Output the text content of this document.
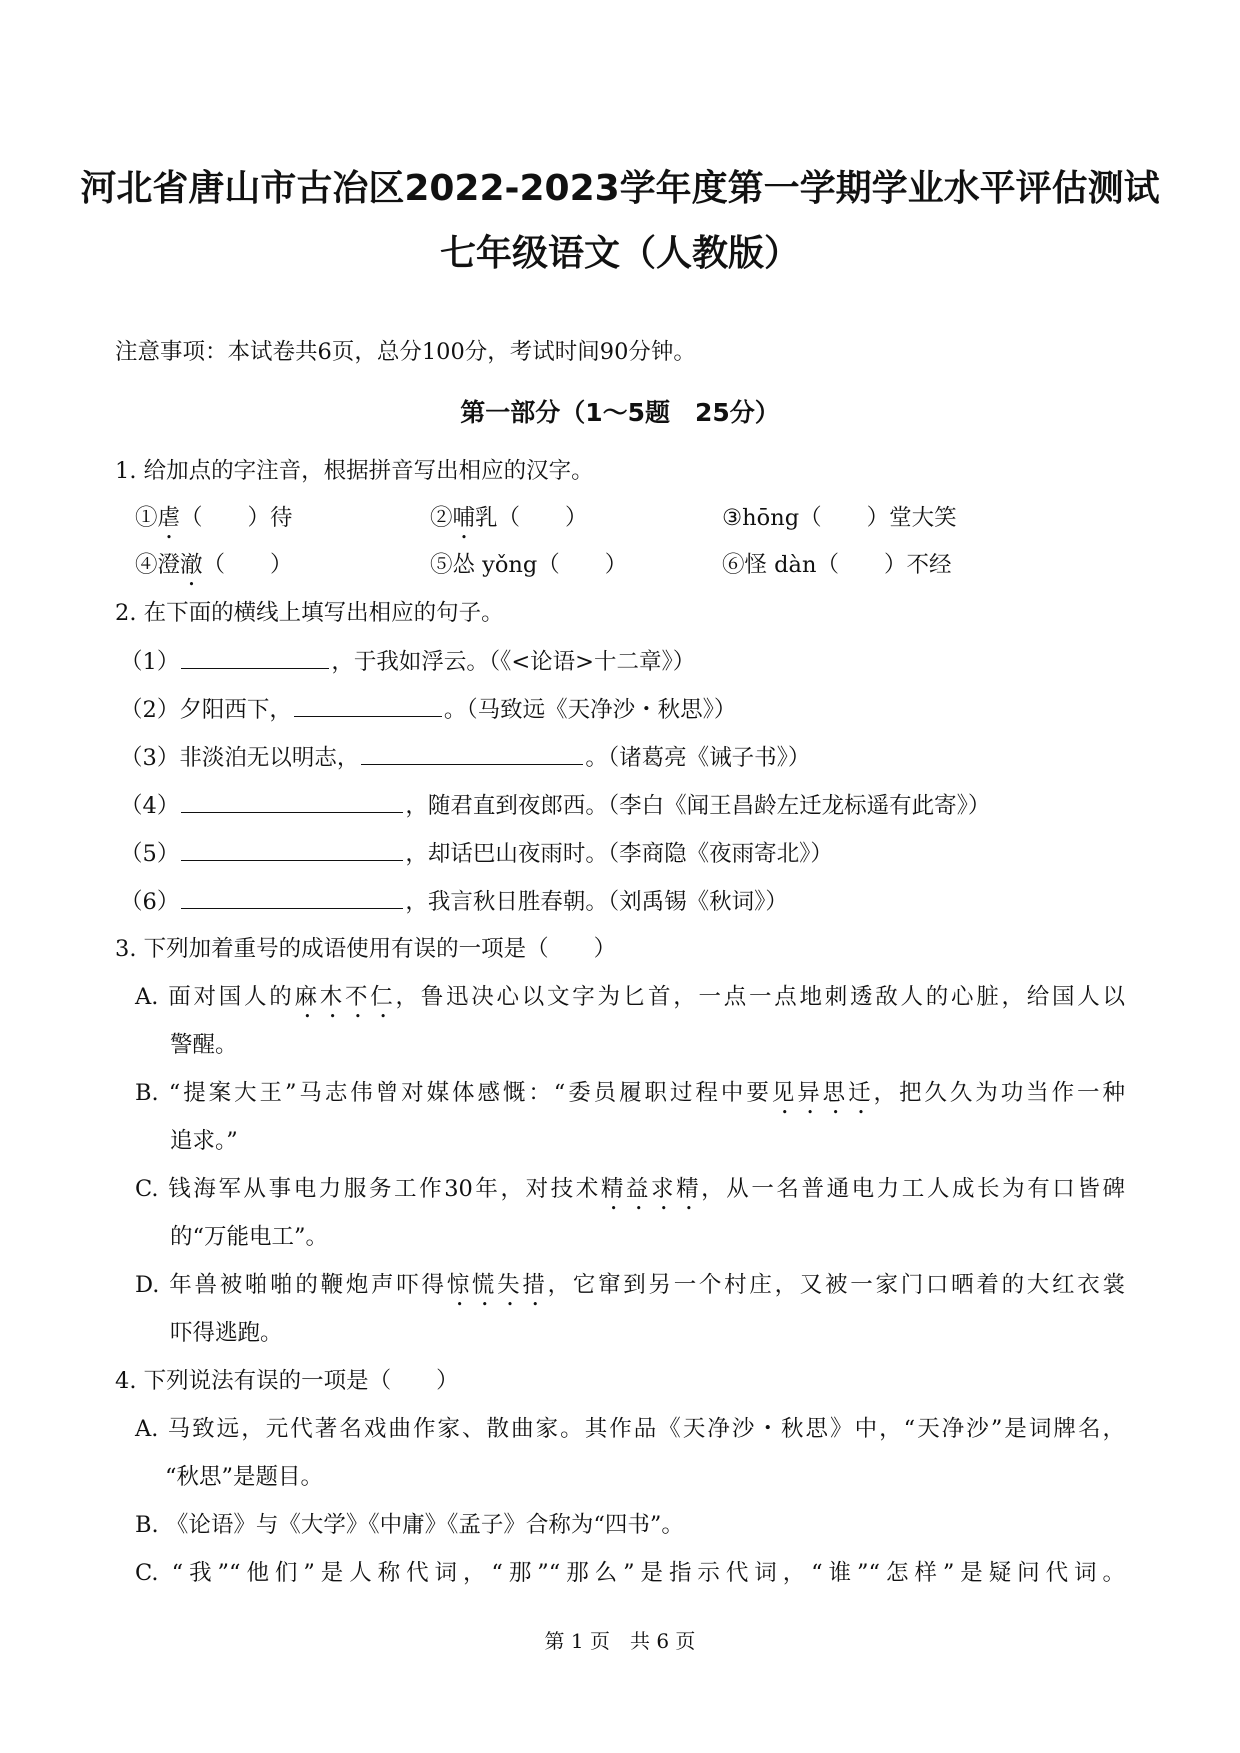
河北省唐山市古冶区2022-2023学年度第一学期学业水平评估测试
七年级语文（人教版）
注意事项：本试卷共6页，总分100分，考试时间90分钟。
第一部分（1～5题　25分）
1. 给加点的字注音，根据拼音写出相应的汉字。
①虐（　　）待	②哺乳（　　）	③hōng（　　）堂大笑
④澄澈（　　）	⑤怂 yǒng（　　）	⑥怪 dàn（　　）不经
2. 在下面的横线上填写出相应的句子。
（1）	，于我如浮云。（《<论语>十二章》）
（2）夕阳西下，	。（马致远《天净沙・秋思》）
（3）非淡泊无以明志，	。（诸葛亮《诫子书》）
（4）	，随君直到夜郎西。（李白《闻王昌龄左迁龙标遥有此寄》）
（5）	，却话巴山夜雨时。（李商隐《夜雨寄北》）
（6）	，我言秋日胜春朝。（刘禹锡《秋词》）
3. 下列加着重号的成语使用有误的一项是（　　）
A. 面对国人的麻木不仁，鲁迅决心以文字为匕首，一点一点地刺透敌人的心脏，给国人以
警醒。
B. “提案大王”马志伟曾对媒体感慨：“委员履职过程中要见异思迁，把久久为功当作一种
追求。”
C. 钱海军从事电力服务工作30年，对技术精益求精，从一名普通电力工人成长为有口皆碑
的“万能电工”。
D. 年兽被啪啪的鞭炮声吓得惊慌失措，它窜到另一个村庄，又被一家门口晒着的大红衣裳
吓得逃跑。
4. 下列说法有误的一项是（　　）
A. 马致远，元代著名戏曲作家、散曲家。其作品《天净沙・秋思》中，“天净沙”是词牌名，
“秋思”是题目。
B. 《论语》与《大学》《中庸》《孟子》合称为“四书”。
C. “我”“他们”是人称代词，“那”“那么”是指示代词，“谁”“怎样”是疑问代词。
第 1 页　共 6 页
